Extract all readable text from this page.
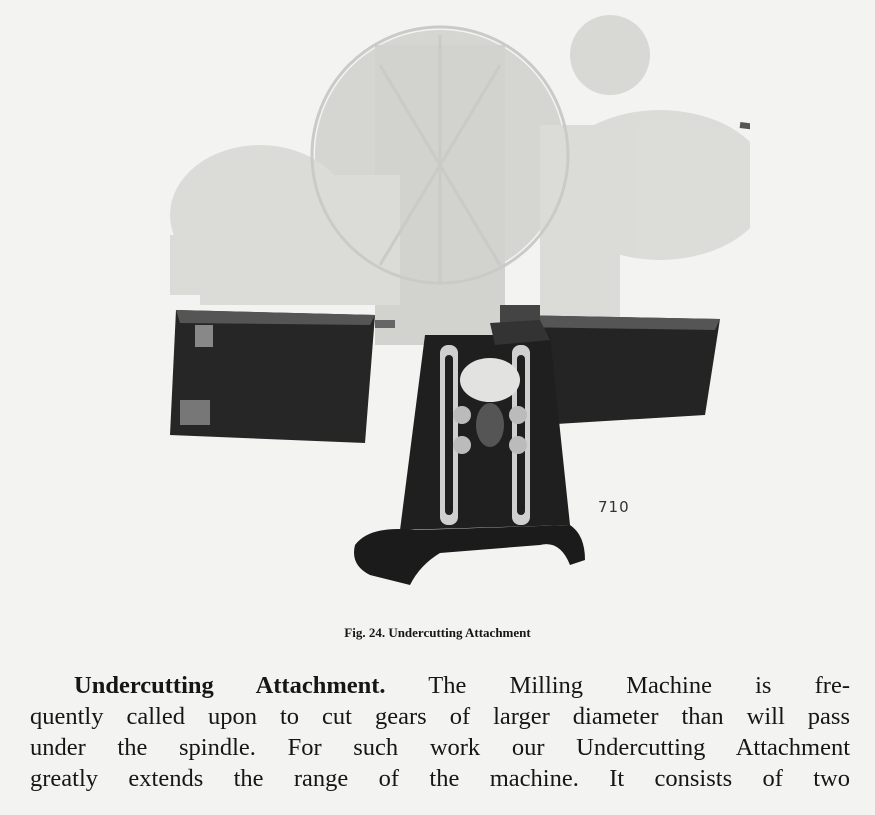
710
Fig. 24. Undercutting Attachment
Undercutting Attachment. The Milling Machine is fre-
quently called upon to cut gears of larger diameter than will pass
under the spindle. For such work our Undercutting Attachment
greatly extends the range of the machine. It consists of two
